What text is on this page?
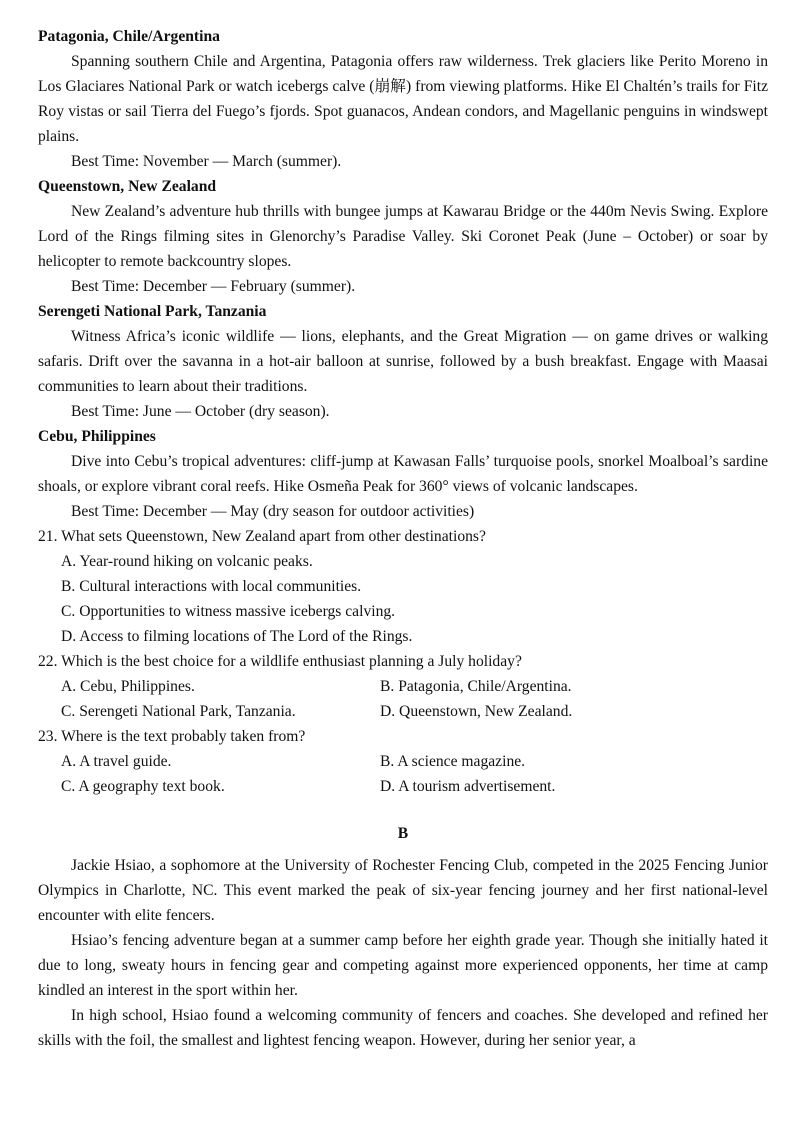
Patagonia, Chile/Argentina

Spanning southern Chile and Argentina, Patagonia offers raw wilderness. Trek glaciers like Perito Moreno in Los Glaciares National Park or watch icebergs calve (崩解) from viewing platforms. Hike El Chaltén’s trails for Fitz Roy vistas or sail Tierra del Fuego’s fjords. Spot guanacos, Andean condors, and Magellanic penguins in windswept plains.

Best Time: November — March (summer).

Queenstown, New Zealand

New Zealand’s adventure hub thrills with bungee jumps at Kawarau Bridge or the 440m Nevis Swing. Explore Lord of the Rings filming sites in Glenorchy’s Paradise Valley. Ski Coronet Peak (June – October) or soar by helicopter to remote backcountry slopes.

Best Time: December — February (summer).

Serengeti National Park, Tanzania

Witness Africa’s iconic wildlife — lions, elephants, and the Great Migration — on game drives or walking safaris. Drift over the savanna in a hot-air balloon at sunrise, followed by a bush breakfast. Engage with Maasai communities to learn about their traditions.

Best Time: June — October (dry season).

Cebu, Philippines

Dive into Cebu’s tropical adventures: cliff-jump at Kawasan Falls’ turquoise pools, snorkel Moalboal’s sardine shoals, or explore vibrant coral reefs. Hike Osmeña Peak for 360° views of volcanic landscapes.

Best Time: December — May (dry season for outdoor activities)

21. What sets Queenstown, New Zealand apart from other destinations?

A. Year-round hiking on volcanic peaks.

B. Cultural interactions with local communities.

C. Opportunities to witness massive icebergs calving.

D. Access to filming locations of The Lord of the Rings.

22. Which is the best choice for a wildlife enthusiast planning a July holiday?

A. Cebu, Philippines.	B. Patagonia, Chile/Argentina.
C. Serengeti National Park, Tanzania.	D. Queenstown, New Zealand.

23. Where is the text probably taken from?

A. A travel guide.	B. A science magazine.
C. A geography text book.	D. A tourism advertisement.

B

Jackie Hsiao, a sophomore at the University of Rochester Fencing Club, competed in the 2025 Fencing Junior Olympics in Charlotte, NC. This event marked the peak of six-year fencing journey and her first national-level encounter with elite fencers.

Hsiao’s fencing adventure began at a summer camp before her eighth grade year. Though she initially hated it due to long, sweaty hours in fencing gear and competing against more experienced opponents, her time at camp kindled an interest in the sport within her.

In high school, Hsiao found a welcoming community of fencers and coaches. She developed and refined her skills with the foil, the smallest and lightest fencing weapon. However, during her senior year, a
